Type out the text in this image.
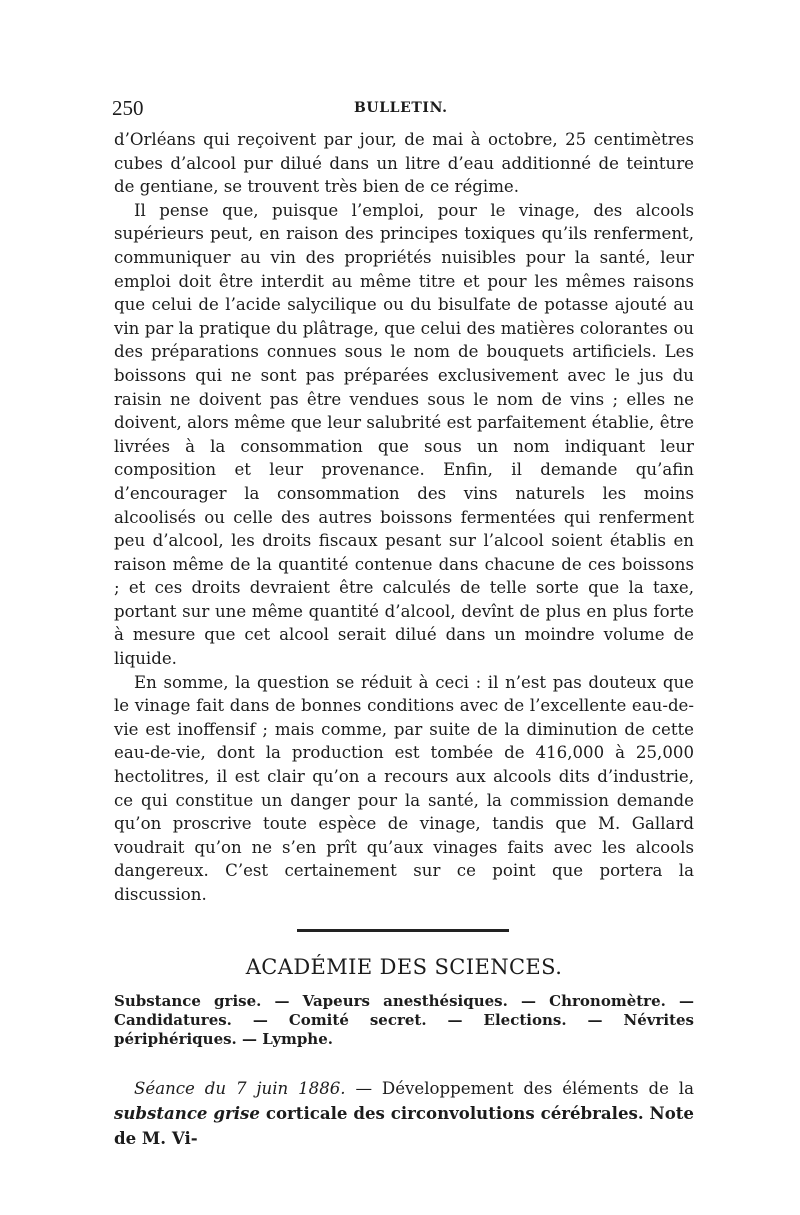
250	BULLETIN.

d’Orléans qui reçoivent par jour, de mai à octobre, 25 centimètres cubes d’alcool pur dilué dans un litre d’eau additionné de teinture de gentiane, se trouvent très bien de ce régime.

Il pense que, puisque l’emploi, pour le vinage, des alcools supérieurs peut, en raison des principes toxiques qu’ils renferment, communiquer au vin des propriétés nuisibles pour la santé, leur emploi doit être interdit au même titre et pour les mêmes raisons que celui de l’acide salycilique ou du bisulfate de potasse ajouté au vin par la pratique du plâtrage, que celui des matières colorantes ou des préparations connues sous le nom de bouquets artificiels. Les boissons qui ne sont pas préparées exclusivement avec le jus du raisin ne doivent pas être vendues sous le nom de vins ; elles ne doivent, alors même que leur salubrité est parfaitement établie, être livrées à la consommation que sous un nom indiquant leur composition et leur provenance. Enfin, il demande qu’afin d’encourager la consommation des vins naturels les moins alcoolisés ou celle des autres boissons fermentées qui renferment peu d’alcool, les droits fiscaux pesant sur l’alcool soient établis en raison même de la quantité contenue dans chacune de ces boissons ; et ces droits devraient être calculés de telle sorte que la taxe, portant sur une même quantité d’alcool, devînt de plus en plus forte à mesure que cet alcool serait dilué dans un moindre volume de liquide.

En somme, la question se réduit à ceci : il n’est pas douteux que le vinage fait dans de bonnes conditions avec de l’excellente eau-de-vie est inoffensif ; mais comme, par suite de la diminution de cette eau-de-vie, dont la production est tombée de 416,000 à 25,000 hectolitres, il est clair qu’on a recours aux alcools dits d’industrie, ce qui constitue un danger pour la santé, la commission demande qu’on proscrive toute espèce de vinage, tandis que M. Gallard voudrait qu’on ne s’en prît qu’aux vinages faits avec les alcools dangereux. C’est certainement sur ce point que portera la discussion.

ACADÉMIE DES SCIENCES.
Substance grise. — Vapeurs anesthésiques. — Chronomètre. — Candidatures. — Comité secret. — Elections. — Névrites périphériques. — Lymphe.
Séance du 7 juin 1886. — Développement des éléments de la substance grise corticale des circonvolutions cérébrales. Note de M. Vi-
